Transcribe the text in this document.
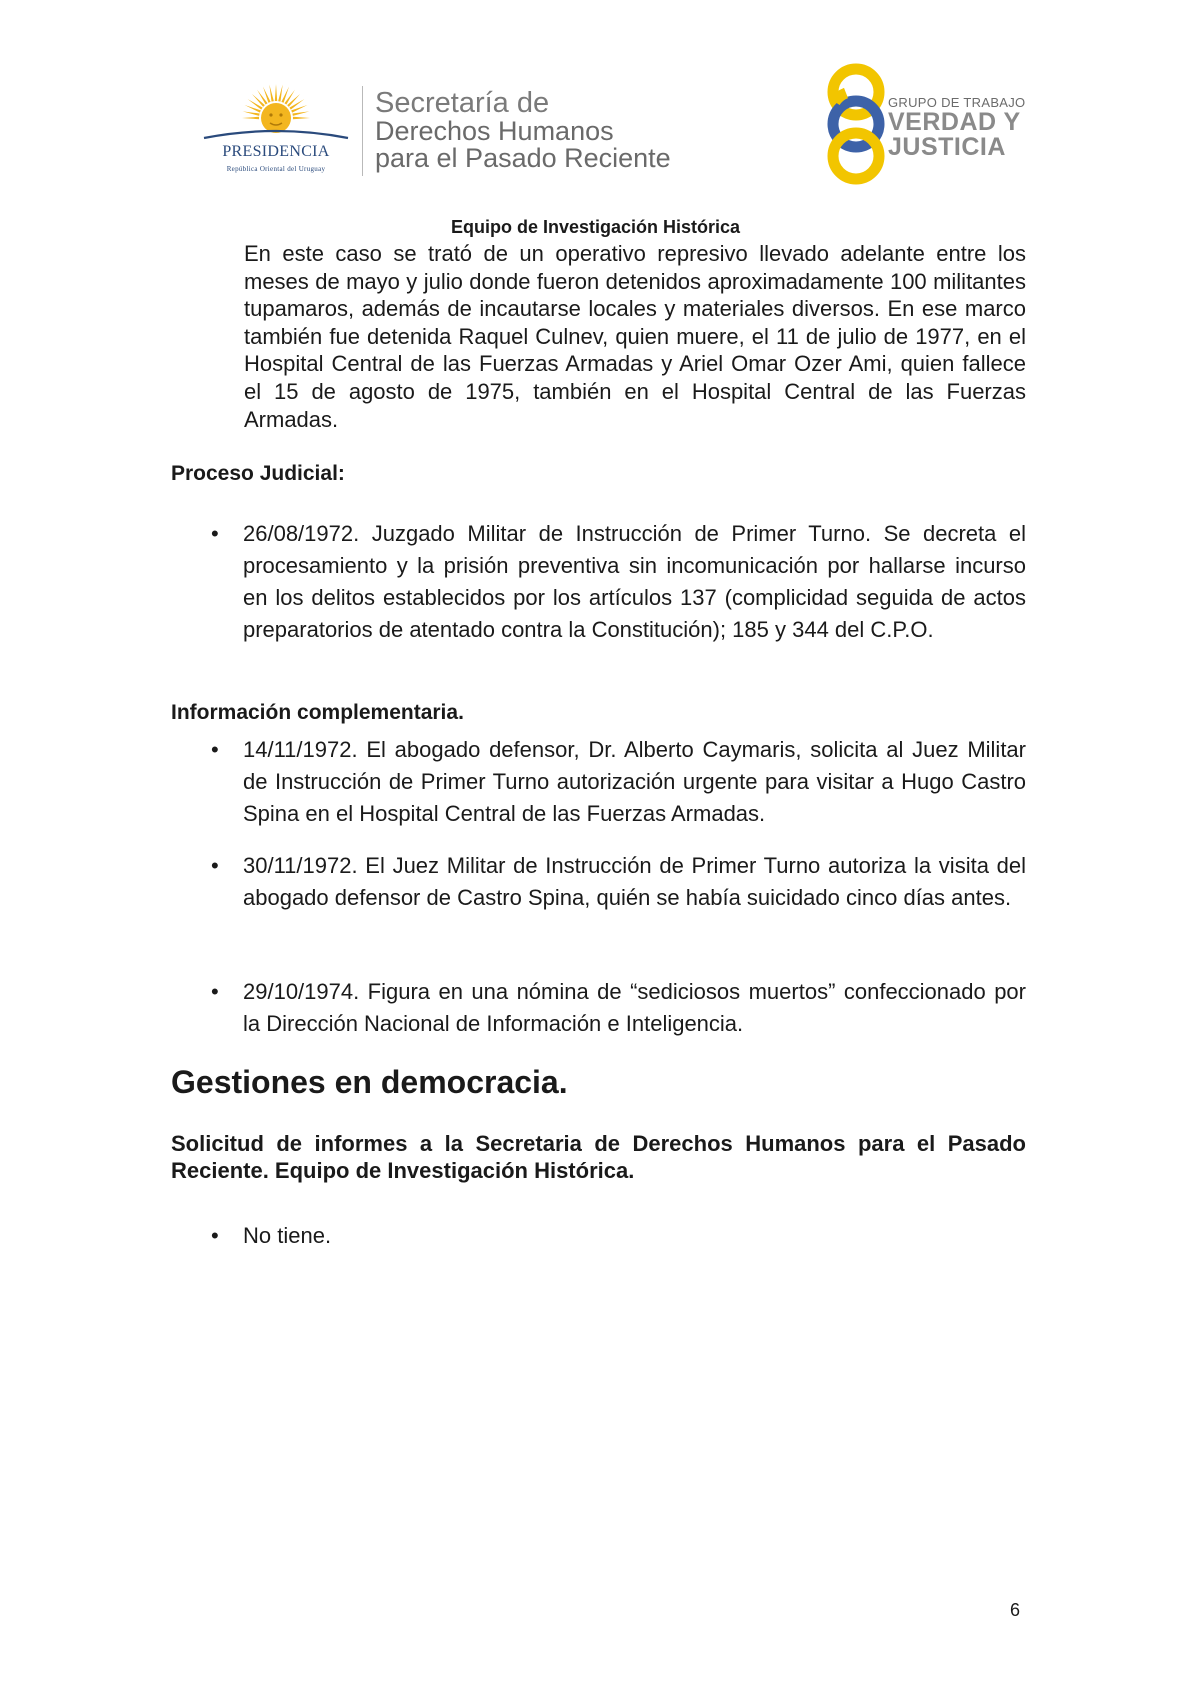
PRESIDENCIA
República Oriental del Uruguay
Secretaría de
Derechos Humanos
para el Pasado Reciente
GRUPO DE TRABAJO
VERDAD Y
JUSTICIA
Equipo de Investigación Histórica

En este caso se trató de un operativo represivo llevado adelante entre los meses de mayo y julio donde fueron detenidos aproximadamente 100 militantes tupamaros, además de incautarse locales y materiales diversos. En ese marco también fue detenida Raquel Culnev, quien muere, el 11 de julio de 1977, en el Hospital Central de las Fuerzas Armadas y Ariel Omar Ozer Ami, quien fallece el 15 de agosto de 1975, también en el Hospital Central de las Fuerzas Armadas.

Proceso Judicial:
• 26/08/1972. Juzgado Militar de Instrucción de Primer Turno. Se decreta el procesamiento y la prisión preventiva sin incomunicación por hallarse incurso en los delitos establecidos por los artículos 137 (complicidad seguida de actos preparatorios de atentado contra la Constitución); 185 y 344 del C.P.O.

Información complementaria.
• 14/11/1972. El abogado defensor, Dr. Alberto Caymaris, solicita al Juez Militar de Instrucción de Primer Turno autorización urgente para visitar a Hugo Castro Spina en el Hospital Central de las Fuerzas Armadas.

• 30/11/1972. El Juez Militar de Instrucción de Primer Turno autoriza la visita del abogado defensor de Castro Spina, quién se había suicidado cinco días antes.

• 29/10/1974. Figura en una nómina de “sediciosos muertos” confeccionado por la Dirección Nacional de Información e Inteligencia.

Gestiones en democracia.

Solicitud de informes a la Secretaria de Derechos Humanos para el Pasado Reciente. Equipo de Investigación Histórica.

• No tiene.

6
